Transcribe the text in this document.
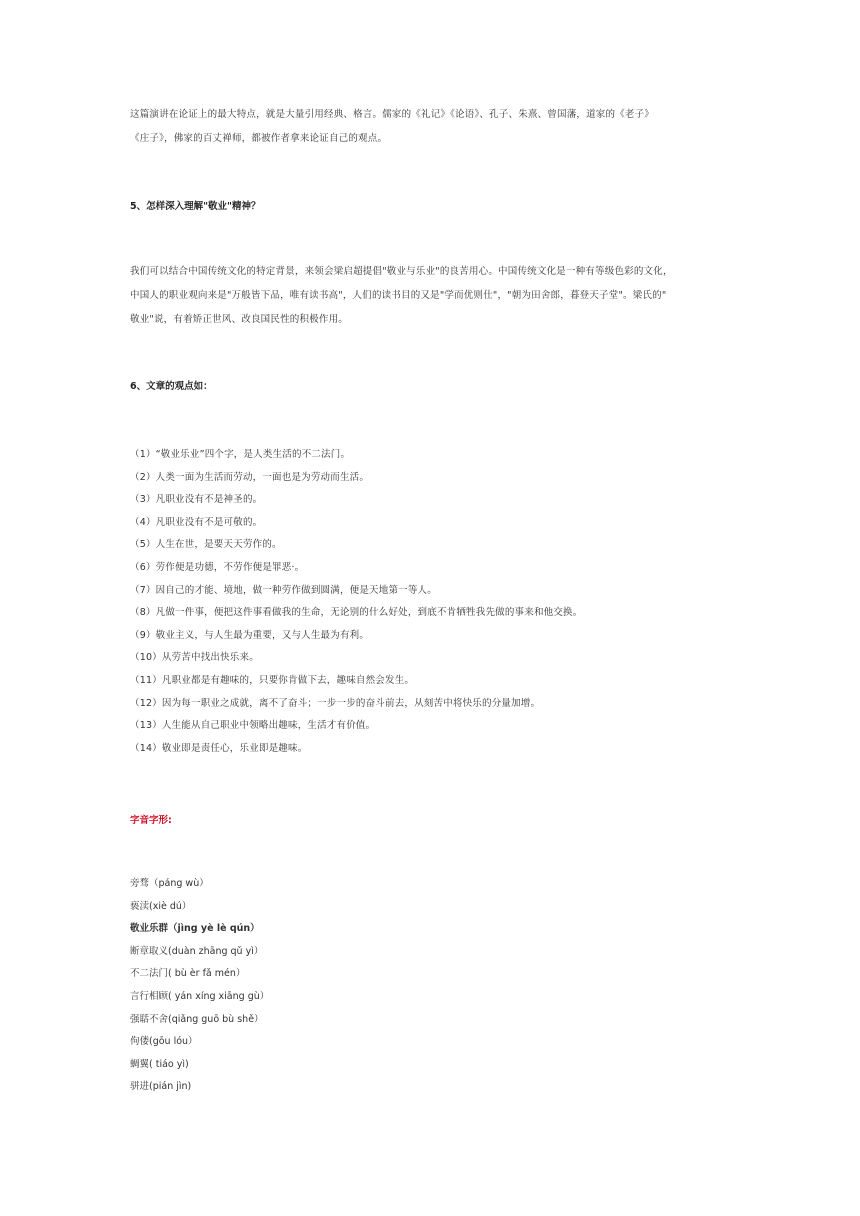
这篇演讲在论证上的最大特点，就是大量引用经典、格言。儒家的《礼记》《论语》、孔子、朱熹、曾国藩，道家的《老子》
《庄子》，佛家的百丈禅师，都被作者拿来论证自己的观点。
5、怎样深入理解"敬业"精神？
我们可以结合中国传统文化的特定背景，来领会梁启超提倡"敬业与乐业"的良苦用心。中国传统文化是一种有等级色彩的文化，
中国人的职业观向来是"万般皆下品，唯有读书高"，人们的读书目的又是"学而优则仕"，"朝为田舍郎，暮登天子堂"。梁氏的"
敬业"说，有着矫正世风、改良国民性的积极作用。
6、文章的观点如：
（1）“敬业乐业”四个字，是人类生活的不二法门。
（2）人类一面为生活而劳动，一面也是为劳动而生活。
（3）凡职业没有不是神圣的。
（4）凡职业没有不是可敬的。
（5）人生在世，是要天天劳作的。
（6）劳作便是功德，不劳作便是罪恶·。
（7）因自己的才能、境地，做一种劳作做到圆满，便是天地第一等人。
（8）凡做一件事，便把这件事看做我的生命，无论别的什么好处，到底不肯牺牲我先做的事来和他交换。
（9）敬业主义，与人生最为重要，又与人生最为有利。
（10）从劳苦中找出快乐来。
（11）凡职业都是有趣味的，只要你肯做下去，趣味自然会发生。
（12）因为每一职业之成就，离不了奋斗；一步一步的奋斗前去，从刻苦中将快乐的分量加增。
（13）人生能从自己职业中领略出趣味，生活才有价值。
（14）敬业即是责任心，乐业即是趣味。
字音字形:
旁骛（páng wù）
亵渎(xiè dú）
敬业乐群（jìng yè lè qún）
断章取义(duàn zhāng qǔ yì）
不二法门( bù èr fǎ mén）
言行相顾( yán xíng xiāng gù）
强聒不舍(qiǎng guō bù shě）
佝偻(gōu lóu）
蜩翼( tiáo yì)
骈进(pián jìn)
